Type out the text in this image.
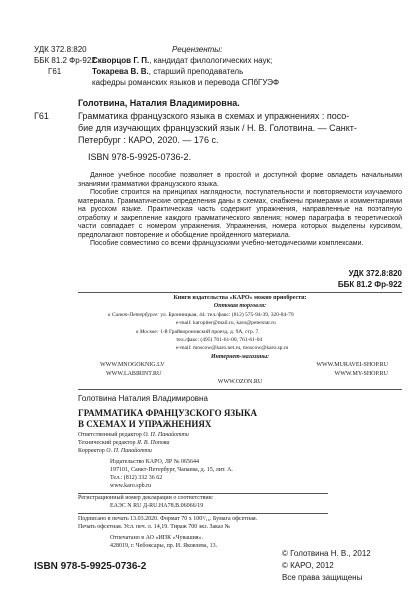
УДК 372.8:820
ББК 81.2 Фр-922
Г61
Рецензенты:
Скворцов Г. П., кандидат филологических наук;
Токарева В. В., старший преподаватель
кафедры романских языков и перевода СПбГУЭФ
Голотвина, Наталия Владимировна.
Г61	Грамматика французского языка в схемах и упражнениях : посо-
бие для изучающих французский язык / Н. В. Голотвина. — Санкт-
Петербург : КАРО, 2020. — 176 с.
ISBN 978-5-9925-0736-2.

Данное учебное пособие позволяет в простой и доступной форме овладеть начальными знаниями грамматики французского языка.

Пособие строится на принципах наглядности, поступательности и повторяемости изучаемого материала. Грамматические определения даны в схемах, снабжены примерами и комментариями на русском языке. Практическая часть содержит упражнения, направленные на поэтапную отработку и закрепление каждого грамматического явления; номер параграфа в теоретической части совпадает с номером упражнения. Упражнения, номера которых выделены курсивом, предполагают повторение и обобщение пройденного материала.

Пособие совместимо со всеми французскими учебно-методическими комплексами.

УДК 372.8:820
ББК 81.2 Фр-922
Книги издательства «КАРО» можно приобрести:
Оптовая торговля:
в Санкт-Петербурге: ул. Бронницкая, 44. тел./факс: (812) 575-94-39, 320-84-79
e-mail: karopiter@mail.ru, karo@peterstar.ru
в Москве: 1-й Грайвороновский проезд, д. 9А, стр. 7.
тел./факс: (495) 761-61-00, 761-61-04
e-mail: moscow@karo.net.ru, moscow@karo.sp.ru
Интернет-магазины:
WWW.MNOGOKNIG.LV
WWW.LABIRINT.RU
WWW.OZON.RU
WWW.MURAVEI-SHOP.RU
WWW.MY-SHOP.RU
Голотвина Наталия Владимировна
ГРАММАТИКА ФРАНЦУЗСКОГО ЯЗЫКА
В СХЕМАХ И УПРАЖНЕНИЯХ
Ответственный редактор О. П. Панайотти
Технический редактор Я. В. Попова
Корректор О. П. Панайотти
Издательство КАРО, ЛР № 065644
197101, Санкт-Петербург, Чапаева, д. 15, лит. А.
Тел.: (812) 332 36 62
www.karo.spb.ru
Регистрационный номер декларации о соответствии:
ЕАЭС N RU Д-RU.НА78.В.06066/19
Подписано в печать 13.03.2020. Формат 70 х 100¹/₁₆. Бумага офсетная.
Печать офсетная. Усл. печ. л. 14,19. Тираж 700 экз. Заказ №
Отпечатано в АО «ИПК «Чувашия».
428019, г. Чебоксары, пр. И. Яковлева, 13.
ISBN 978-5-9925-0736-2
© Голотвина Н. В., 2012
© КАРО, 2012
Все права защищены
